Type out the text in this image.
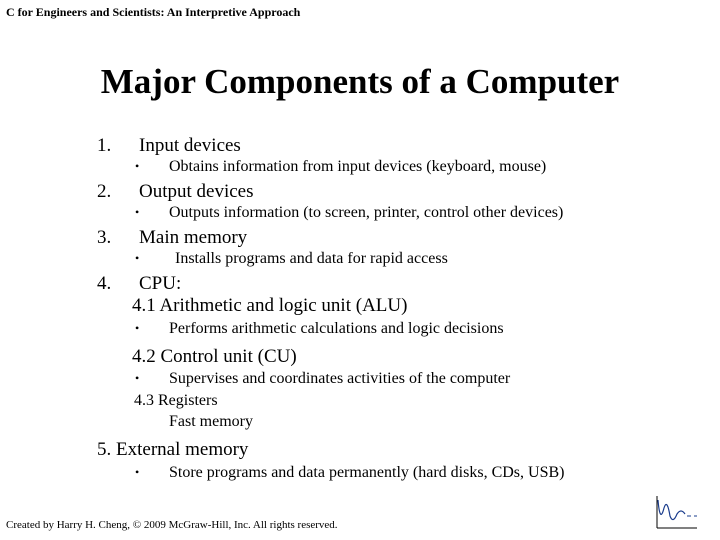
C for Engineers and Scientists: An Interpretive Approach
Major Components of a Computer
1. Input devices
• Obtains information from input devices (keyboard, mouse)
2. Output devices
• Outputs information (to screen, printer, control other devices)
3. Main memory
• Installs programs and data for rapid access
4. CPU:
4.1 Arithmetic and logic unit (ALU)
• Performs arithmetic calculations and logic decisions
4.2 Control unit (CU)
• Supervises and coordinates activities of the computer
4.3 Registers
Fast memory
5. External memory
• Store programs and data permanently (hard disks, CDs, USB)
Created by Harry H. Cheng, © 2009 McGraw-Hill, Inc. All rights reserved.
